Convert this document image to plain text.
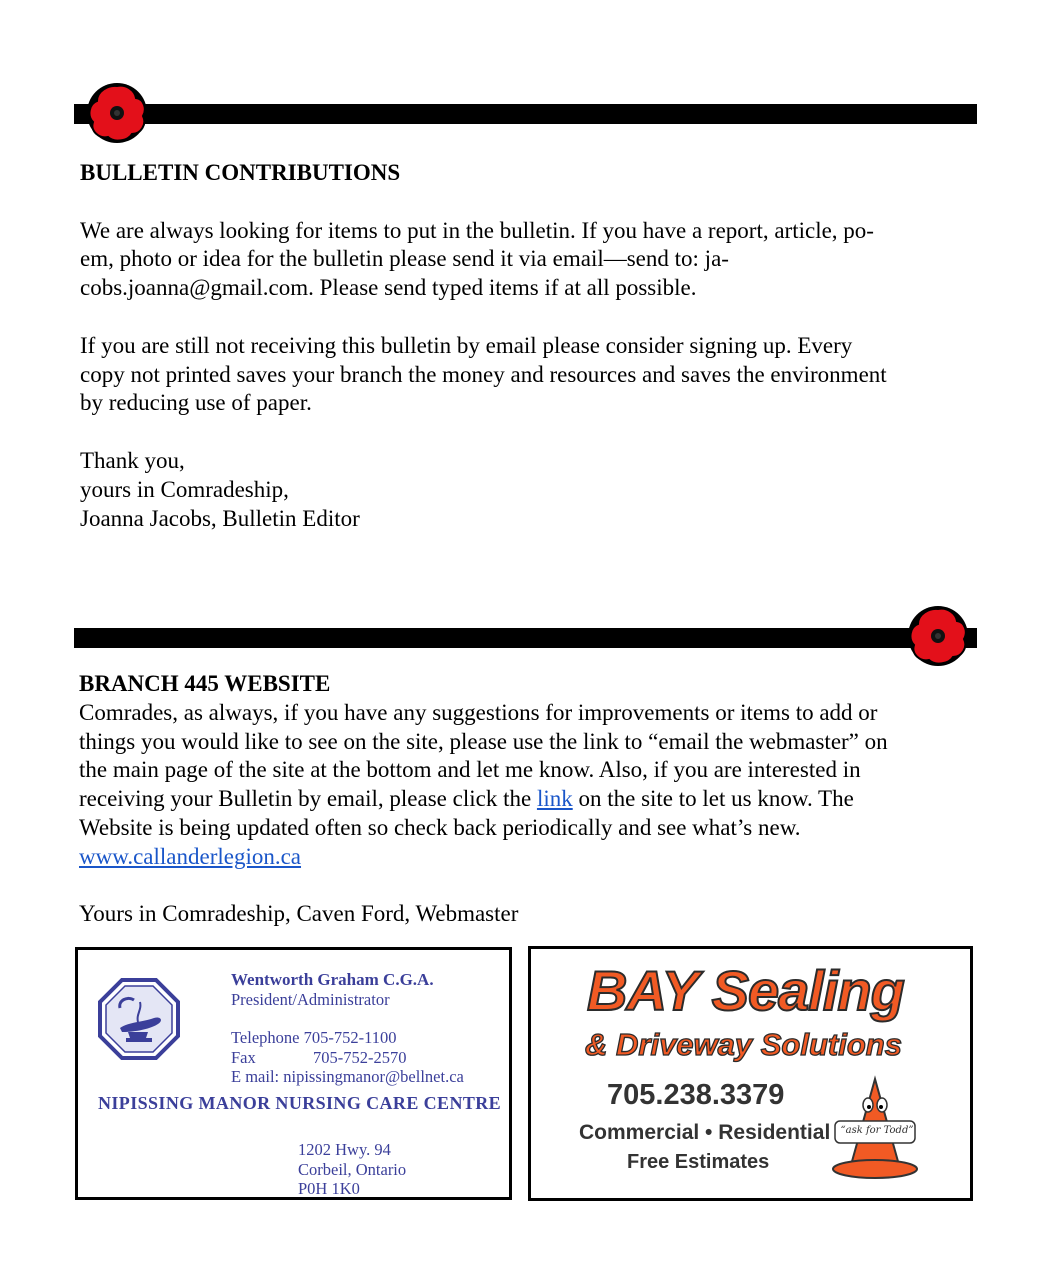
BULLETIN CONTRIBUTIONS

We are always looking for items to put in the bulletin. If you have a report, article, po-

em, photo or idea for the bulletin please send it via email—send to: ja-

cobs.joanna@gmail.com. Please send typed items if at all possible.

If you are still not receiving this bulletin by email please consider signing up. Every

copy not printed saves your branch the money and resources and saves the environment

by reducing use of paper.

Thank you,

yours in Comradeship,

Joanna Jacobs, Bulletin Editor

BRANCH 445 WEBSITE

Comrades, as always, if you have any suggestions for improvements or items to add or

things you would like to see on the site, please use the link to “email the webmaster” on

the main page of the site at the bottom and let me know. Also, if you are interested in

receiving your Bulletin by email, please click the link on the site to let us know. The

Website is being updated often so check back periodically and see what’s new.

www.callanderlegion.ca

Yours in Comradeship, Caven Ford, Webmaster

Wentworth Graham C.G.A.
President/Administrator
Telephone 705-752-1100
Fax	705-752-2570
E mail: nipissingmanor@bellnet.ca
NIPISSING MANOR NURSING CARE CENTRE
1202 Hwy. 94
Corbeil, Ontario
P0H 1K0
BAY Sealing
& Driveway Solutions
705.238.3379
Commercial • Residential
Free Estimates
“ask for Todd”
